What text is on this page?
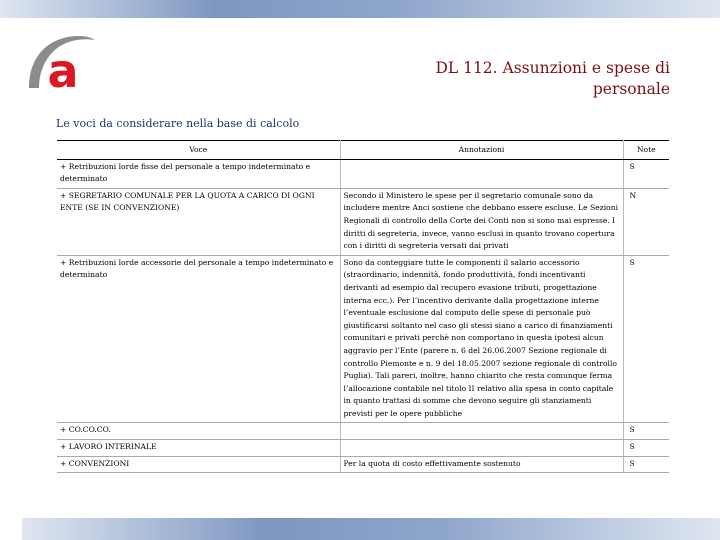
a	DL 112. Assunzioni e spese di
personale
Le voci da considerare nella base di calcolo
Voce	Annotazioni	Note
+ Retribuzioni lorde fisse del personale a tempo indeterminato e determinato		S
+ SEGRETARIO COMUNALE PER LA QUOTA A CARICO DI OGNI ENTE (SE IN CONVENZIONE)	Secondo il Ministero le spese per il segretario comunale sono da includere mentre Anci sostiene che debbano essere escluse. Le Sezioni Regionali di controllo della Corte dei Conti non si sono mai espresse. I diritti di segreteria, invece, vanno esclusi in quanto trovano copertura con i diritti di segreteria versati dai privati	N
+ Retribuzioni lorde accessorie del personale a tempo indeterminato e determinato	Sono da conteggiare tutte le componenti il salario accessorio (straordinario, indennità, fondo produttività, fondi incentivanti derivanti ad esempio dal recupero evasione tributi, progettazione interna ecc.). Per l’incentivo derivante dalla progettazione interne l’eventuale esclusione dal computo delle spese di personale può giustificarsi soltanto nel caso gli stessi siano a carico di finanziamenti comunitari e privati perchè non comportano in questa ipotesi alcun aggravio per l’Ente (parere n. 6 del 26.06.2007 Sezione regionale di controllo Piemonte e n. 9 del 18.05.2007 sezione regionale di controllo Puglia). Tali pareri, inoltre, hanno chiarito che resta comunque ferma l’allocazione contabile nel titolo II relativo alla spesa in conto capitale in quanto trattasi di somme che devono seguire gli stanziamenti previsti per le opere pubbliche	S
+ CO.CO.CO.		S
+ LAVORO INTERINALE		S
+ CONVENZIONI	Per la quota di costo effettivamente sostenuto	S
